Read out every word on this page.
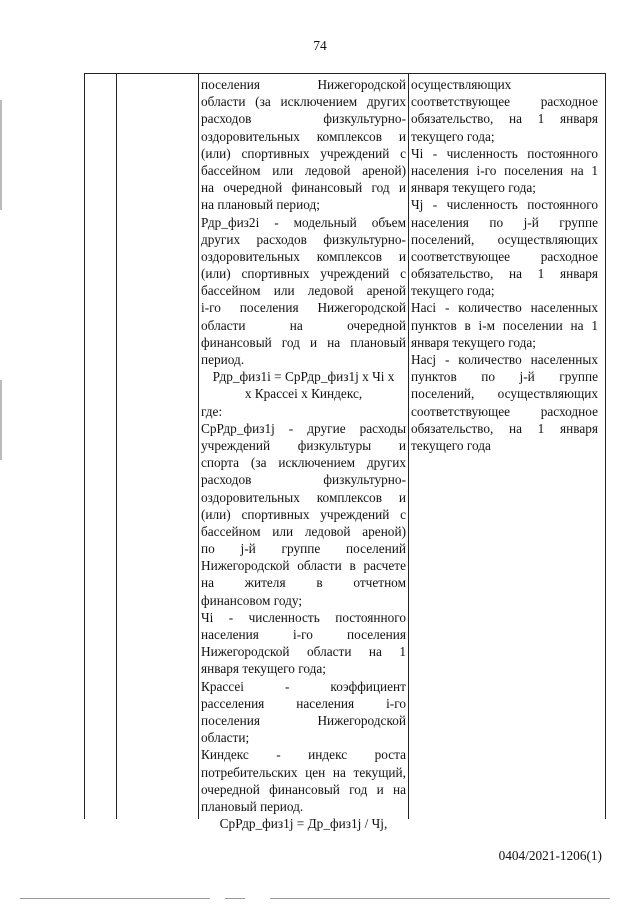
74
поселения Нижегородской
области (за исключением других
расходов физкультурно-
оздоровительных комплексов и
(или) спортивных учреждений с
бассейном или ледовой ареной)
на очередной финансовый год и
на плановый период;
Рдр_физ2i - модельный объем
других расходов физкультурно-
оздоровительных комплексов и
(или) спортивных учреждений с
бассейном или ледовой ареной
i-го поселения Нижегородской
области на очередной
финансовый год и на плановый
период.
Рдр_физ1i = СрРдр_физ1j x Чi x
x Крассеi x Киндекс,
где:
СрРдр_физ1j - другие расходы
учреждений физкультуры и
спорта (за исключением других
расходов физкультурно-
оздоровительных комплексов и
(или) спортивных учреждений с
бассейном или ледовой ареной)
по j-й группе поселений
Нижегородской области в расчете
на жителя в отчетном
финансовом году;
Чi - численность постоянного
населения i-го поселения
Нижегородской области на 1
января текущего года;
Крассеi - коэффициент
расселения населения i-го
поселения Нижегородской
области;
Киндекс - индекс роста
потребительских цен на текущий,
очередной финансовый год и на
плановый период.
СрРдр_физ1j = Др_физ1j / Чj,
осуществляющих
соответствующее расходное
обязательство, на 1 января
текущего года;
Чi - численность постоянного
населения i-го поселения на 1
января текущего года;
Чj - численность постоянного
населения по j-й группе
поселений, осуществляющих
соответствующее расходное
обязательство, на 1 января
текущего года;
Насi - количество населенных
пунктов в i-м поселении на 1
января текущего года;
Насj - количество населенных
пунктов по j-й группе
поселений, осуществляющих
соответствующее расходное
обязательство, на 1 января
текущего года
0404/2021-1206(1)
